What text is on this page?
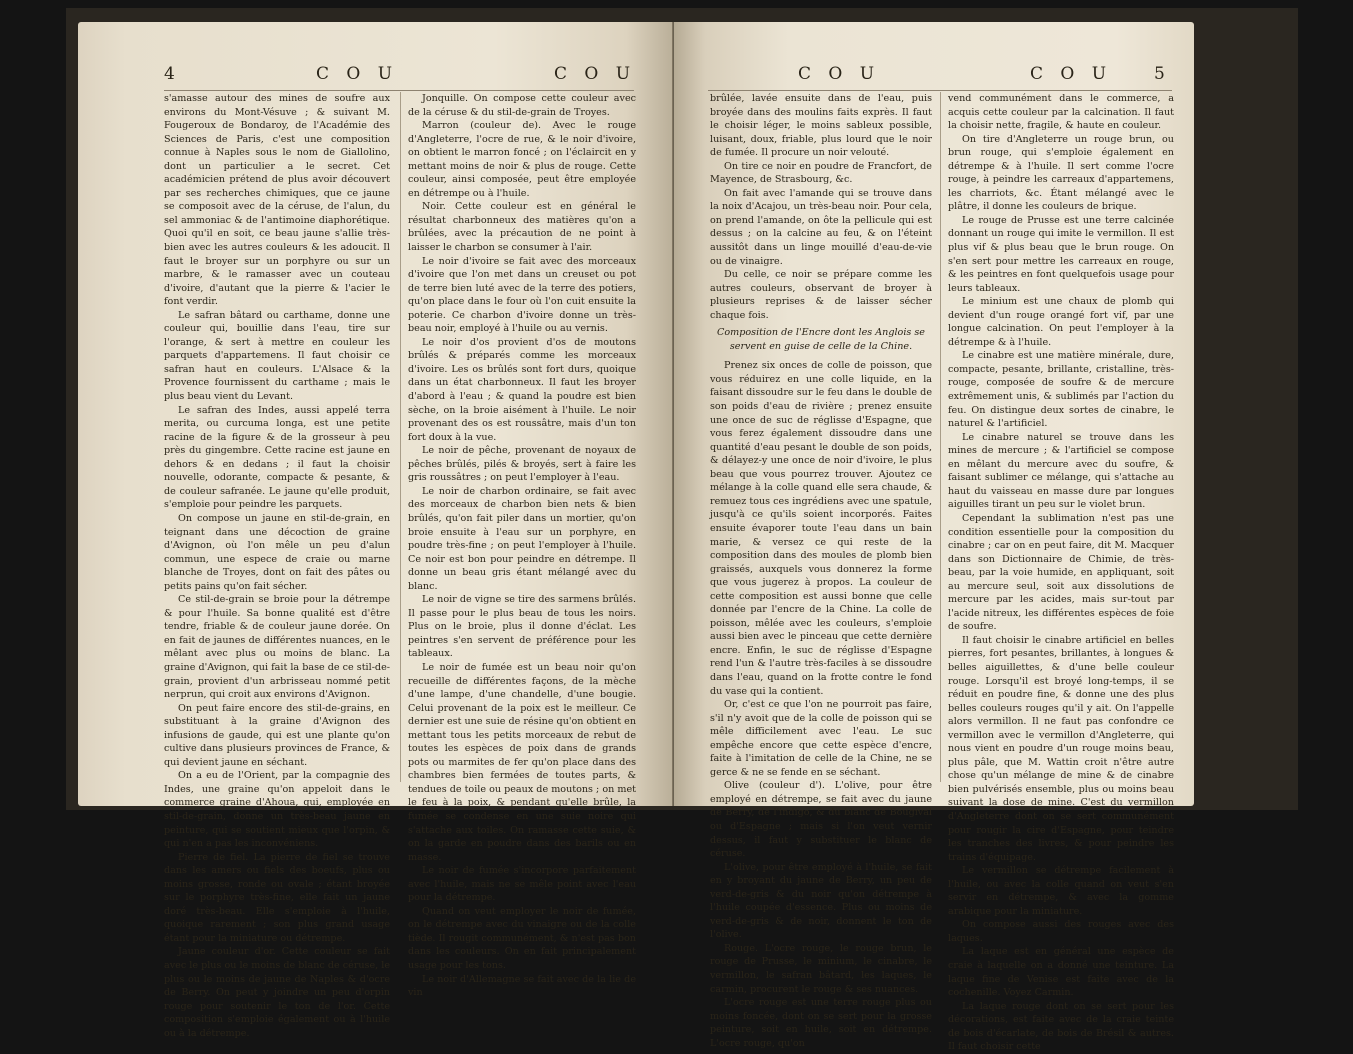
4	C O U	C O U

s'amasse autour des mines de soufre aux environs du Mont-Vésuve ; & suivant M. Fougeroux de Bondaroy, de l'Académie des Sciences de Paris, c'est une composition connue à Naples sous le nom de Giallolino, dont un particulier a le secret. Cet académicien prétend de plus avoir découvert par ses recherches chimiques, que ce jaune se composoit avec de la céruse, de l'alun, du sel ammoniac & de l'antimoine diaphorétique. Quoi qu'il en soit, ce beau jaune s'allie très-bien avec les autres couleurs & les adoucit. Il faut le broyer sur un porphyre ou sur un marbre, & le ramasser avec un couteau d'ivoire, d'autant que la pierre & l'acier le font verdir.

Le safran bâtard ou carthame, donne une couleur qui, bouillie dans l'eau, tire sur l'orange, & sert à mettre en couleur les parquets d'appartemens. Il faut choisir ce safran haut en couleurs. L'Alsace & la Provence fournissent du carthame ; mais le plus beau vient du Levant.

Le safran des Indes, aussi appelé terra merita, ou curcuma longa, est une petite racine de la figure & de la grosseur à peu près du gingembre. Cette racine est jaune en dehors & en dedans ; il faut la choisir nouvelle, odorante, compacte & pesante, & de couleur safranée. Le jaune qu'elle produit, s'emploie pour peindre les parquets.

On compose un jaune en stil-de-grain, en teignant dans une décoction de graine d'Avignon, où l'on mêle un peu d'alun commun, une espece de craie ou marne blanche de Troyes, dont on fait des pâtes ou petits pains qu'on fait sécher.

Ce stil-de-grain se broie pour la détrempe & pour l'huile. Sa bonne qualité est d'être tendre, friable & de couleur jaune dorée. On en fait de jaunes de différentes nuances, en le mêlant avec plus ou moins de blanc. La graine d'Avignon, qui fait la base de ce stil-de-grain, provient d'un arbrisseau nommé petit nerprun, qui croit aux environs d'Avignon.

On peut faire encore des stil-de-grains, en substituant à la graine d'Avignon des infusions de gaude, qui est une plante qu'on cultive dans plusieurs provinces de France, & qui devient jaune en séchant.

On a eu de l'Orient, par la compagnie des Indes, une graine qu'on appeloit dans le commerce graine d'Ahoua, qui, employée en stil-de-grain, donne un très-beau jaune en peinture, qui se soutient mieux que l'orpin, & qui n'en a pas les inconvéniens.

Pierre de fiel. La pierre de fiel se trouve dans les amers ou fiels des boeufs, plus ou moins grosse, ronde ou ovale ; étant broyée sur le porphyre très-fine, elle fait un jaune doré très-beau. Elle s'emploie à l'huile, quoique rarement ; son plus grand usage étant pour la miniature ou détrempe.

Jaune couleur d'or. Cette couleur se fait avec le plus ou le moins de blanc de céruse, le plus ou le moins de jaune de Naples & d'ocre de Berry. On peut y joindre un peu d'orpin rouge pour soutenir le ton de l'or. Cette composition s'emploie également ou à l'huile ou à la détrempe.

Jonquille. On compose cette couleur avec de la céruse & du stil-de-grain de Troyes.

Marron (couleur de). Avec le rouge d'Angleterre, l'ocre de rue, & le noir d'ivoire, on obtient le marron foncé ; on l'éclaircit en y mettant moins de noir & plus de rouge. Cette couleur, ainsi composée, peut être employée en détrempe ou à l'huile.

Noir. Cette couleur est en général le résultat charbonneux des matières qu'on a brûlées, avec la précaution de ne point à laisser le charbon se consumer à l'air.

Le noir d'ivoire se fait avec des morceaux d'ivoire que l'on met dans un creuset ou pot de terre bien luté avec de la terre des potiers, qu'on place dans le four où l'on cuit ensuite la poterie. Ce charbon d'ivoire donne un très-beau noir, employé à l'huile ou au vernis.

Le noir d'os provient d'os de moutons brûlés & préparés comme les morceaux d'ivoire. Les os brûlés sont fort durs, quoique dans un état charbonneux. Il faut les broyer d'abord à l'eau ; & quand la poudre est bien sèche, on la broie aisément à l'huile. Le noir provenant des os est roussâtre, mais d'un ton fort doux à la vue.

Le noir de pêche, provenant de noyaux de pêches brûlés, pilés & broyés, sert à faire les gris roussâtres ; on peut l'employer à l'eau.

Le noir de charbon ordinaire, se fait avec des morceaux de charbon bien nets & bien brûlés, qu'on fait piler dans un mortier, qu'on broie ensuite à l'eau sur un porphyre, en poudre très-fine ; on peut l'employer à l'huile. Ce noir est bon pour peindre en détrempe. Il donne un beau gris étant mélangé avec du blanc.

Le noir de vigne se tire des sarmens brûlés. Il passe pour le plus beau de tous les noirs. Plus on le broie, plus il donne d'éclat. Les peintres s'en servent de préférence pour les tableaux.

Le noir de fumée est un beau noir qu'on recueille de différentes façons, de la mèche d'une lampe, d'une chandelle, d'une bougie. Celui provenant de la poix est le meilleur. Ce dernier est une suie de résine qu'on obtient en mettant tous les petits morceaux de rebut de toutes les espèces de poix dans de grands pots ou marmites de fer qu'on place dans des chambres bien fermées de toutes parts, & tendues de toile ou peaux de moutons ; on met le feu à la poix, & pendant qu'elle brûle, la fumée se condense en une suie noire qui s'attache aux toiles. On ramasse cette suie, & on la garde en poudre dans des barils ou en masse.

Le noir de fumée s'incorpore parfaitement avec l'huile, mais ne se mêle point avec l'eau pour la détrempe.

Quand on veut employer le noir de fumée, on le détrempe avec du vinaigre ou de la colle tiède. Il rougit communément, & n'est pas bon dans les couleurs. On en fait principalement usage pour les tons.

Le noir d'Allemagne se fait avec de la lie de vin

C O U	C O U 5

brûlée, lavée ensuite dans de l'eau, puis broyée dans des moulins faits exprès. Il faut le choisir léger, le moins sableux possible, luisant, doux, friable, plus lourd que le noir de fumée. Il procure un noir velouté.

On tire ce noir en poudre de Francfort, de Mayence, de Strasbourg, &c.

On fait avec l'amande qui se trouve dans la noix d'Acajou, un très-beau noir. Pour cela, on prend l'amande, on ôte la pellicule qui est dessus ; on la calcine au feu, & on l'éteint aussitôt dans un linge mouillé d'eau-de-vie ou de vinaigre.

Du celle, ce noir se prépare comme les autres couleurs, observant de broyer à plusieurs reprises & de laisser sécher chaque fois.

Composition de l'Encre dont les Anglois se servent en guise de celle de la Chine.

Prenez six onces de colle de poisson, que vous réduirez en une colle liquide, en la faisant dissoudre sur le feu dans le double de son poids d'eau de rivière ; prenez ensuite une once de suc de réglisse d'Espagne, que vous ferez également dissoudre dans une quantité d'eau pesant le double de son poids, & délayez-y une once de noir d'ivoire, le plus beau que vous pourrez trouver. Ajoutez ce mélange à la colle quand elle sera chaude, & remuez tous ces ingrédiens avec une spatule, jusqu'à ce qu'ils soient incorporés. Faites ensuite évaporer toute l'eau dans un bain marie, & versez ce qui reste de la composition dans des moules de plomb bien graissés, auxquels vous donnerez la forme que vous jugerez à propos. La couleur de cette composition est aussi bonne que celle donnée par l'encre de la Chine. La colle de poisson, mêlée avec les couleurs, s'emploie aussi bien avec le pinceau que cette dernière encre. Enfin, le suc de réglisse d'Espagne rend l'un & l'autre très-faciles à se dissoudre dans l'eau, quand on la frotte contre le fond du vase qui la contient.

Or, c'est ce que l'on ne pourroit pas faire, s'il n'y avoit que de la colle de poisson qui se mêle difficilement avec l'eau. Le suc empêche encore que cette espèce d'encre, faite à l'imitation de celle de la Chine, ne se gerce & ne se fende en se séchant.

Olive (couleur d'). L'olive, pour être employé en détrempe, se fait avec du jaune de Berry, de l'indigo, & du blanc de Bougival ou d'Espagne ; mais si l'on veut vernir dessus, il faut y substituer le blanc de céruse.

L'olive, pour être employé à l'huile, se fait en y broyant du jaune de Berry, un peu de verd-de-gris & du noir qu'on détrempe à l'huile coupée d'essence. Plus ou moins de verd-de-gris & de noir, donnent le ton de l'olive.

Rouge. L'ocre rouge, le rouge brun, le rouge de Prusse, le minium, le cinabre, le vermillon, le safran bâtard, les laques, le carmin, procurent le rouge & ses nuances.

L'ocre rouge est une terre rouge plus ou moins foncée, dont on se sert pour la grosse peinture, soit en huile, soit en détrempe. L'ocre rouge, qu'on

vend communément dans le commerce, a acquis cette couleur par la calcination. Il faut la choisir nette, fragile, & haute en couleur.

On tire d'Angleterre un rouge brun, ou brun rouge, qui s'emploie également en détrempe & à l'huile. Il sert comme l'ocre rouge, à peindre les carreaux d'appartemens, les charriots, &c. Étant mélangé avec le plâtre, il donne les couleurs de brique.

Le rouge de Prusse est une terre calcinée donnant un rouge qui imite le vermillon. Il est plus vif & plus beau que le brun rouge. On s'en sert pour mettre les carreaux en rouge, & les peintres en font quelquefois usage pour leurs tableaux.

Le minium est une chaux de plomb qui devient d'un rouge orangé fort vif, par une longue calcination. On peut l'employer à la détrempe & à l'huile.

Le cinabre est une matière minérale, dure, compacte, pesante, brillante, cristalline, très-rouge, composée de soufre & de mercure extrêmement unis, & sublimés par l'action du feu. On distingue deux sortes de cinabre, le naturel & l'artificiel.

Le cinabre naturel se trouve dans les mines de mercure ; & l'artificiel se compose en mêlant du mercure avec du soufre, & faisant sublimer ce mélange, qui s'attache au haut du vaisseau en masse dure par longues aiguilles tirant un peu sur le violet brun.

Cependant la sublimation n'est pas une condition essentielle pour la composition du cinabre ; car on en peut faire, dit M. Macquer dans son Dictionnaire de Chimie, de très-beau, par la voie humide, en appliquant, soit au mercure seul, soit aux dissolutions de mercure par les acides, mais sur-tout par l'acide nitreux, les différentes espèces de foie de soufre.

Il faut choisir le cinabre artificiel en belles pierres, fort pesantes, brillantes, à longues & belles aiguillettes, & d'une belle couleur rouge. Lorsqu'il est broyé long-temps, il se réduit en poudre fine, & donne une des plus belles couleurs rouges qu'il y ait. On l'appelle alors vermillon. Il ne faut pas confondre ce vermillon avec le vermillon d'Angleterre, qui nous vient en poudre d'un rouge moins beau, plus pâle, que M. Wattin croit n'être autre chose qu'un mélange de mine & de cinabre bien pulvérisés ensemble, plus ou moins beau suivant la dose de mine. C'est du vermillon d'Angleterre dont on se sert communément pour rougir la cire d'Espagne, pour teindre les tranches des livres, & pour peindre les trains d'équipage.

Le vermillon se détrempe facilement à l'huile, ou avec la colle quand on veut s'en servir en détrempe, & avec la gomme arabique pour la miniature.

On compose aussi des rouges avec des laques.

La laque est en général une espèce de craie à laquelle on a donné une teinture. La laque fine de Venise est faite avec de la cochenille. Voyez Carmin.

La laque rouge dont on se sert pour les décorations, est faite avec de la craie teinte de bois d'écarlate, de bois de Brésil & autres. Il faut choisir cette
